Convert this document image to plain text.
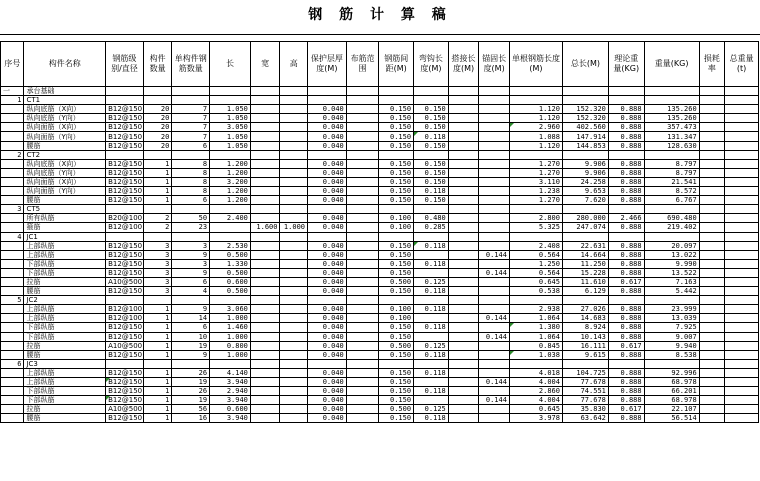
钢 筋 计 算 稿
序号	构件名称	钢筋级别/直径	构件数量	单构件钢筋数量	长	宽	高	保护层厚度(M)	布筋范围	钢筋间距(M)	弯钩长度(M)	搭接长度(M)	锚固长度(M)	单根钢筋长度(M)	总长(M)	理论重量(KG)	重量(KG)	损耗率	总重量(t)
一	承台基础																		
1	CT1																		
	纵向底筋（X向）	B12@150	20	7	1.050			0.040		0.150	0.150			1.120	152.320	0.888	135.260		
	纵向底筋（Y向）	B12@150	20	7	1.050			0.040		0.150	0.150			1.120	152.320	0.888	135.260		
	纵向面筋（X向）	B12@150	20	7	3.050			0.040		0.150	0.150			2.960	402.560	0.888	357.473		
	纵向面筋（Y向）	B12@150	20	7	1.050			0.040		0.150	0.118			1.088	147.914	0.888	131.347		
	腰筋	B12@150	20	6	1.050			0.040		0.150	0.150			1.120	144.853	0.888	128.630		
2	CT2																		
	纵向底筋（X向）	B12@150	1	8	1.200			0.040		0.150	0.150			1.270	9.906	0.888	8.797		
	纵向底筋（Y向）	B12@150	1	8	1.200			0.040		0.150	0.150			1.270	9.906	0.888	8.797		
	纵向面筋（X向）	B12@150	1	8	3.200			0.040		0.150	0.150			3.110	24.258	0.888	21.541		
	纵向面筋（Y向）	B12@150	1	8	1.200			0.040		0.150	0.118			1.238	9.653	0.888	8.572		
	腰筋	B12@150	1	6	1.200			0.040		0.150	0.150			1.270	7.620	0.888	6.767		
3	CT5																		
	所有纵筋	B20@100	2	50	2.400			0.040		0.100	0.480			2.800	280.000	2.466	690.480		
	箍筋	B12@100	2	23		1.600	1.000	0.040		0.100	0.285			5.325	247.074	0.888	219.402		
4	JC1																		
	上部纵筋	B12@150	3	3	2.530			0.040		0.150	0.118			2.408	22.631	0.888	20.097		
	上部纵筋	B12@150	3	9	0.500			0.040		0.150			0.144	0.564	14.664	0.888	13.022		
	下部纵筋	B12@150	3	3	1.330			0.040		0.150	0.118			1.250	11.250	0.888	9.990		
	下部纵筋	B12@150	3	9	0.500			0.040		0.150			0.144	0.564	15.228	0.888	13.522		
	拉筋	A10@500	3	6	0.600			0.040		0.500	0.125			0.645	11.610	0.617	7.163		
	腰筋	B12@150	3	4	0.500			0.040		0.150	0.118			0.538	6.129	0.888	5.442		
5	JC2																		
	上部纵筋	B12@100	1	9	3.060			0.040		0.100	0.118			2.938	27.026	0.888	23.999		
	上部纵筋	B12@100	1	14	1.000			0.040		0.100			0.144	1.064	14.683	0.888	13.039		
	下部纵筋	B12@150	1	6	1.460			0.040		0.150	0.118			1.380	8.924	0.888	7.925		
	下部纵筋	B12@150	1	10	1.000			0.040		0.150			0.144	1.064	10.143	0.888	9.007		
	拉筋	A10@500	1	19	0.800			0.040		0.500	0.125			0.845	16.111	0.617	9.940		
	腰筋	B12@150	1	9	1.000			0.040		0.150	0.118			1.038	9.615	0.888	8.538		
6	JC3																		
	上部纵筋	B12@150	1	26	4.140			0.040		0.150	0.118			4.018	104.725	0.888	92.996		
	上部纵筋	B12@150	1	19	3.940			0.040		0.150			0.144	4.004	77.678	0.888	68.978		
	下部纵筋	B12@150	1	26	2.940			0.040		0.150	0.118			2.860	74.551	0.888	66.201		
	下部纵筋	B12@150	1	19	3.940			0.040		0.150			0.144	4.004	77.678	0.888	68.978		
	拉筋	A10@500	1	56	0.600			0.040		0.500	0.125			0.645	35.830	0.617	22.107		
	腰筋	B12@150	1	16	3.940			0.040		0.150	0.118			3.978	63.642	0.888	56.514		
